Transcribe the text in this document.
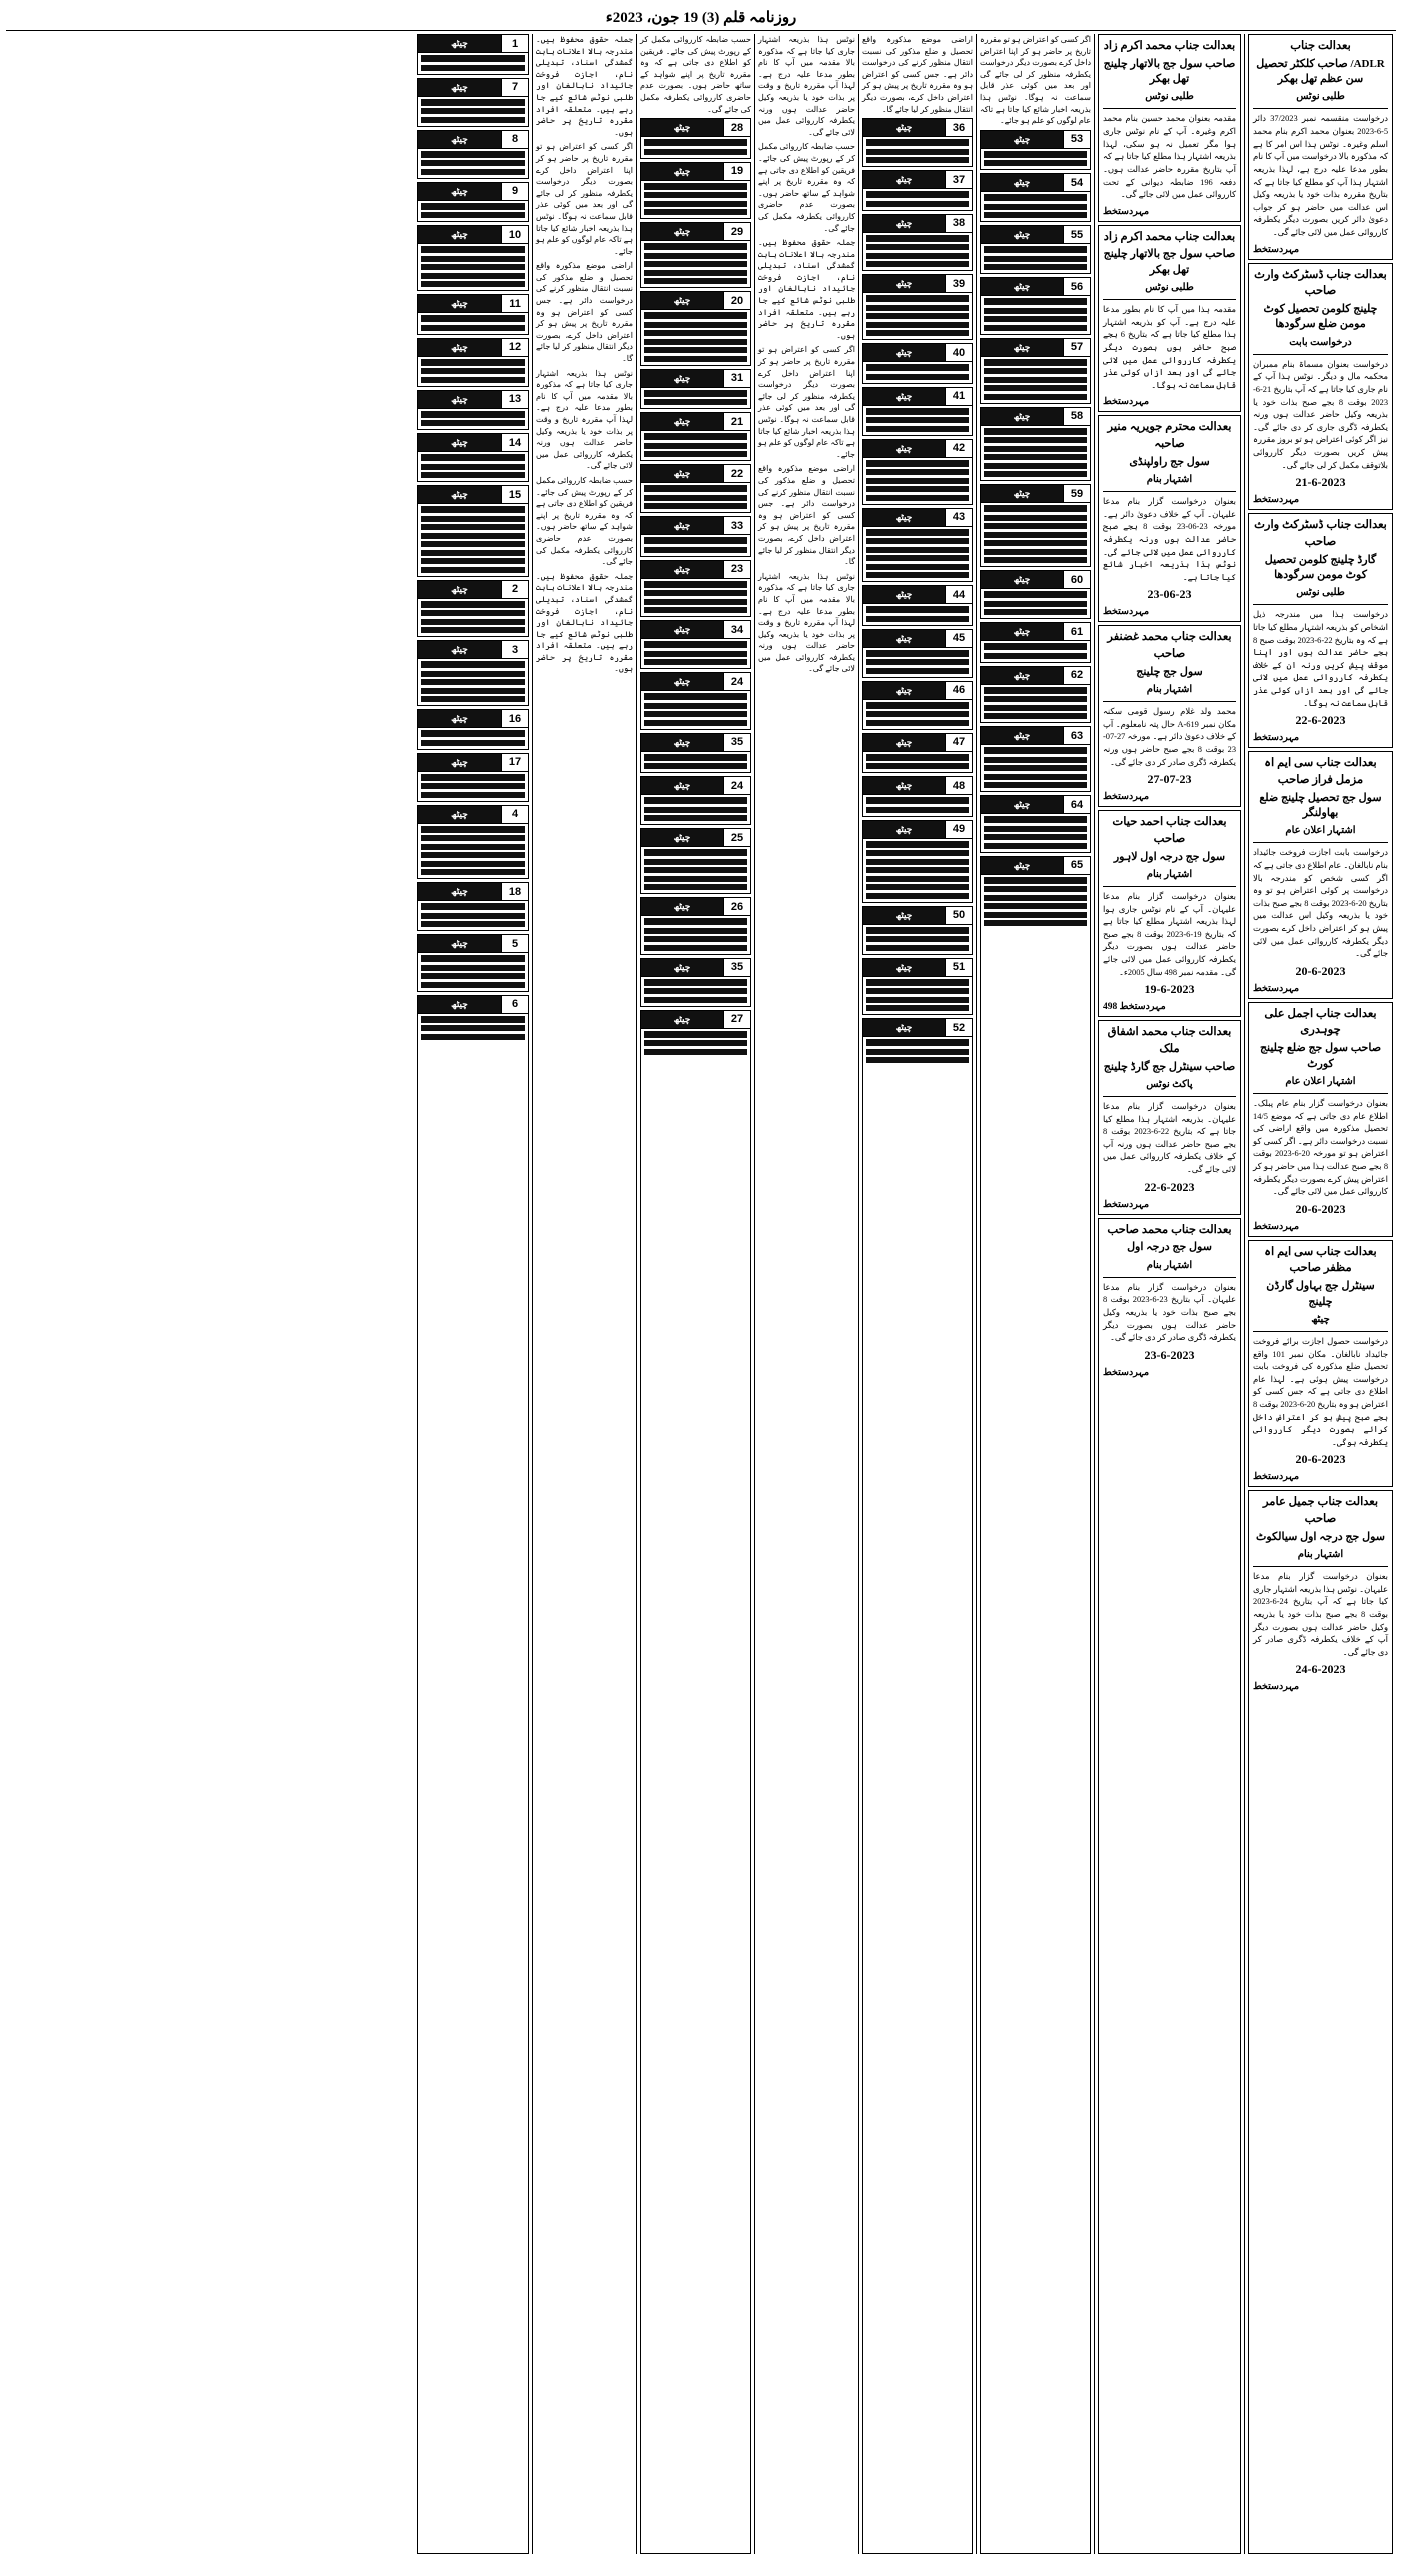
روزنامہ قلم (3) 19 جون، 2023ء
بعدالت جناب
ADLR/ صاحب کلکٹر تحصیل سن عظم تھل بھکر
طلبی نوٹس
درخواست منقسمہ نمبر 37/2023 دائر 5-6-2023 بعنوان محمد اکرم بنام محمد اسلم وغیرہ۔ نوٹس ہذا اس امر کا ہے کہ مذکورہ بالا درخواست میں آپ کا نام بطور مدعا علیہ درج ہے، لہذا بذریعہ اشتہار ہذا آپ کو مطلع کیا جاتا ہے کہ بتاریخ مقررہ بذات خود یا بذریعہ وکیل اس عدالت میں حاضر ہو کر جواب دعویٰ دائر کریں بصورت دیگر یکطرفہ کارروائی عمل میں لائی جائے گی۔
مہردستخط
بعدالت جناب ڈسٹرکٹ وارث صاحب
چلینج کلومن تحصیل کوٹ مومن ضلع سرگودھا
درخواست بابت
درخواست بعنوان مسماۃ بنام ممبران محکمہ مال و دیگر۔ نوٹس ہذا آپ کے نام جاری کیا جاتا ہے کہ آپ بتاریخ 21-6-2023 بوقت 8 بجے صبح بذات خود یا بذریعہ وکیل حاضر عدالت ہوں ورنہ یکطرفہ ڈگری جاری کر دی جائے گی۔ نیز اگر کوئی اعتراض ہو تو بروز مقررہ پیش کریں بصورت دیگر کارروائی بلاتوقف مکمل کر لی جائے گی۔
21-6-2023
مہردستخط
بعدالت جناب ڈسٹرکٹ وارث صاحب
گارڈ چلینج کلومن تحصیل کوٹ مومن سرگودھا
طلبی نوٹس
درخواست ہذا میں مندرجہ ذیل اشخاص کو بذریعہ اشتہار مطلع کیا جاتا ہے کہ وہ بتاریخ 22-6-2023 بوقت صبح 8 بجے حاضر عدالت ہوں اور اپنا موقف پیش کریں ورنہ ان کے خلاف یکطرفہ کارروائی عمل میں لائی جائے گی اور بعد ازاں کوئی عذر قابل سماعت نہ ہوگا۔
22-6-2023
مہردستخط
بعدالت جناب سی ایم اہ مزمل فراز صاحب
سول جج تحصیل چلینج ضلع بھاولنگر
اشتہار اعلان عام
درخواست بابت اجازت فروخت جائیداد بنام نابالغان۔ عام اطلاع دی جاتی ہے کہ اگر کسی شخص کو مندرجہ بالا درخواست پر کوئی اعتراض ہو تو وہ بتاریخ 20-6-2023 بوقت 8 بجے صبح بذات خود یا بذریعہ وکیل اس عدالت میں پیش ہو کر اعتراض داخل کرے بصورت دیگر یکطرفہ کارروائی عمل میں لائی جائے گی۔
20-6-2023
مہردستخط
بعدالت جناب اجمل علی چوہدری
صاحب سول جج ضلع چلینج کورٹ
اشتہار اعلان عام
بعنوان درخواست گزار بنام عام پبلک۔ اطلاع عام دی جاتی ہے کہ موضع 14/5 تحصیل مذکورہ میں واقع اراضی کی نسبت درخواست دائر ہے۔ اگر کسی کو اعتراض ہو تو مورخہ 20-6-2023 بوقت 8 بجے صبح عدالت ہذا میں حاضر ہو کر اعتراض پیش کرے بصورت دیگر یکطرفہ کارروائی عمل میں لائی جائے گی۔
20-6-2023
مہردستخط
بعدالت جناب سی ایم اہ مظفر صاحب
سینٹرل جج بہاول گارڈن چلینج
چیٹھ
درخواست حصول اجازت برائے فروخت جائیداد نابالغان۔ مکان نمبر 101 واقع تحصیل ضلع مذکورہ کی فروخت بابت درخواست پیش ہوئی ہے۔ لہذا عام اطلاع دی جاتی ہے کہ جس کسی کو اعتراض ہو وہ بتاریخ 20-6-2023 بوقت 8 بجے صبح پیش ہو کر اعتراض داخل کرائے بصورت دیگر کارروائی یکطرفہ ہوگی۔
20-6-2023
مہردستخط
بعدالت جناب جمیل عامر صاحب
سول جج درجہ اول سیالکوٹ
اشتہار بنام
بعنوان درخواست گزار بنام مدعا علیہان۔ نوٹس ہذا بذریعہ اشتہار جاری کیا جاتا ہے کہ آپ بتاریخ 24-6-2023 بوقت 8 بجے صبح بذات خود یا بذریعہ وکیل حاضر عدالت ہوں بصورت دیگر آپ کے خلاف یکطرفہ ڈگری صادر کر دی جائے گی۔
24-6-2023
مہردستخط
بعدالت جناب محمد اکرم زاد
صاحب سول جج بالاتھار چلینج تھل بھکر
طلبی نوٹس
مقدمہ بعنوان محمد حسین بنام محمد اکرم وغیرہ۔ آپ کے نام نوٹس جاری ہوا مگر تعمیل نہ ہو سکی، لہذا بذریعہ اشتہار ہذا مطلع کیا جاتا ہے کہ آپ بتاریخ مقررہ حاضر عدالت ہوں۔ دفعہ 196 ضابطہ دیوانی کے تحت کارروائی عمل میں لائی جائے گی۔
مہردستخط
بعدالت جناب محمد اکرم زاد
صاحب سول جج بالاتھار چلینج تھل بھکر
طلبی نوٹس
مقدمہ ہذا میں آپ کا نام بطور مدعا علیہ درج ہے۔ آپ کو بذریعہ اشتہار ہذا مطلع کیا جاتا ہے کہ بتاریخ 6 بجے صبح حاضر ہوں بصورت دیگر یکطرفہ کارروائی عمل میں لائی جائے گی اور بعد ازاں کوئی عذر قابل سماعت نہ ہوگا۔
مہردستخط
بعدالت محترم جویریہ منیر صاحبہ
سول جج راولپنڈی
اشتہار بنام
بعنوان درخواست گزار بنام مدعا علیہان۔ آپ کے خلاف دعویٰ دائر ہے۔ مورخہ 23-06-23 بوقت 8 بجے صبح حاضر عدالت ہوں ورنہ یکطرفہ کارروائی عمل میں لائی جائے گی۔ نوٹس ہذا بذریعہ اخبار شائع کیا جاتا ہے۔
23-06-23
مہردستخط
بعدالت جناب محمد غضنفر صاحب
سول جج چلینج
اشتہار بنام
محمد ولد غلام رسول قومی سکنہ مکان نمبر A-619 حال پتہ نامعلوم۔ آپ کے خلاف دعویٰ دائر ہے۔ مورخہ 27-07-23 بوقت 8 بجے صبح حاضر ہوں ورنہ یکطرفہ ڈگری صادر کر دی جائے گی۔
27-07-23
مہردستخط
بعدالت جناب احمد حیات صاحب
سول جج درجہ اول لاہور
اشتہار بنام
بعنوان درخواست گزار بنام مدعا علیہان۔ آپ کے نام نوٹس جاری ہوا لہذا بذریعہ اشتہار مطلع کیا جاتا ہے کہ بتاریخ 19-6-2023 بوقت 8 بجے صبح حاضر عدالت ہوں بصورت دیگر یکطرفہ کارروائی عمل میں لائی جائے گی۔ مقدمہ نمبر 498 سال 2005ء۔
19-6-2023
مہردستخط 498
بعدالت جناب محمد اشفاق ملک
صاحب سینٹرل جج گارڈ چلینج
پاکٹ نوٹس
بعنوان درخواست گزار بنام مدعا علیہان۔ بذریعہ اشتہار ہذا مطلع کیا جاتا ہے کہ بتاریخ 22-6-2023 بوقت 8 بجے صبح حاضر عدالت ہوں ورنہ آپ کے خلاف یکطرفہ کارروائی عمل میں لائی جائے گی۔
22-6-2023
مہردستخط
بعدالت جناب محمد صاحب
سول جج درجہ اول
اشتہار بنام
بعنوان درخواست گزار بنام مدعا علیہان۔ آپ بتاریخ 23-6-2023 بوقت 8 بجے صبح بذات خود یا بذریعہ وکیل حاضر عدالت ہوں بصورت دیگر یکطرفہ ڈگری صادر کر دی جائے گی۔
23-6-2023
مہردستخط
اگر کسی کو اعتراض ہو تو مقررہ تاریخ پر حاضر ہو کر اپنا اعتراض داخل کرے بصورت دیگر درخواست یکطرفہ منظور کر لی جائے گی اور بعد میں کوئی عذر قابل سماعت نہ ہوگا۔ نوٹس ہذا بذریعہ اخبار شائع کیا جاتا ہے تاکہ عام لوگوں کو علم ہو جائے۔
53
چیٹھ
54
چیٹھ
55
چیٹھ
56
چیٹھ
57
چیٹھ
58
چیٹھ
59
چیٹھ
60
چیٹھ
61
چیٹھ
62
چیٹھ
63
چیٹھ
64
چیٹھ
65
چیٹھ
اراضی موضع مذکورہ واقع تحصیل و ضلع مذکور کی نسبت انتقال منظور کرنے کی درخواست دائر ہے۔ جس کسی کو اعتراض ہو وہ مقررہ تاریخ پر پیش ہو کر اعتراض داخل کرے، بصورت دیگر انتقال منظور کر لیا جائے گا۔
36
چیٹھ
37
چیٹھ
38
چیٹھ
39
چیٹھ
40
چیٹھ
41
چیٹھ
42
چیٹھ
43
چیٹھ
44
چیٹھ
45
چیٹھ
46
چیٹھ
47
چیٹھ
48
چیٹھ
49
چیٹھ
50
چیٹھ
51
چیٹھ
52
چیٹھ
نوٹس ہذا بذریعہ اشتہار جاری کیا جاتا ہے کہ مذکورہ بالا مقدمہ میں آپ کا نام بطور مدعا علیہ درج ہے۔ لہذا آپ مقررہ تاریخ و وقت پر بذات خود یا بذریعہ وکیل حاضر عدالت ہوں ورنہ یکطرفہ کارروائی عمل میں لائی جائے گی۔
حسب ضابطہ کارروائی مکمل کر کے رپورٹ پیش کی جائے۔ فریقین کو اطلاع دی جاتی ہے کہ وہ مقررہ تاریخ پر اپنے شواہد کے ساتھ حاضر ہوں۔ بصورت عدم حاضری کارروائی یکطرفہ مکمل کی جائے گی۔
جملہ حقوق محفوظ ہیں۔ مندرجہ بالا اعلانات بابت گمشدگی اسناد، تبدیلی نام، اجازت فروخت جائیداد نابالغان اور طلبی نوٹس شائع کیے جا رہے ہیں۔ متعلقہ افراد مقررہ تاریخ پر حاضر ہوں۔
اگر کسی کو اعتراض ہو تو مقررہ تاریخ پر حاضر ہو کر اپنا اعتراض داخل کرے بصورت دیگر درخواست یکطرفہ منظور کر لی جائے گی اور بعد میں کوئی عذر قابل سماعت نہ ہوگا۔ نوٹس ہذا بذریعہ اخبار شائع کیا جاتا ہے تاکہ عام لوگوں کو علم ہو جائے۔
اراضی موضع مذکورہ واقع تحصیل و ضلع مذکور کی نسبت انتقال منظور کرنے کی درخواست دائر ہے۔ جس کسی کو اعتراض ہو وہ مقررہ تاریخ پر پیش ہو کر اعتراض داخل کرے، بصورت دیگر انتقال منظور کر لیا جائے گا۔
نوٹس ہذا بذریعہ اشتہار جاری کیا جاتا ہے کہ مذکورہ بالا مقدمہ میں آپ کا نام بطور مدعا علیہ درج ہے۔ لہذا آپ مقررہ تاریخ و وقت پر بذات خود یا بذریعہ وکیل حاضر عدالت ہوں ورنہ یکطرفہ کارروائی عمل میں لائی جائے گی۔
حسب ضابطہ کارروائی مکمل کر کے رپورٹ پیش کی جائے۔ فریقین کو اطلاع دی جاتی ہے کہ وہ مقررہ تاریخ پر اپنے شواہد کے ساتھ حاضر ہوں۔ بصورت عدم حاضری کارروائی یکطرفہ مکمل کی جائے گی۔
28
چیٹھ
19
چیٹھ
29
چیٹھ
20
چیٹھ
31
چیٹھ
21
چیٹھ
22
چیٹھ
33
چیٹھ
23
چیٹھ
34
چیٹھ
24
چیٹھ
35
چیٹھ
24
چیٹھ
25
چیٹھ
26
چیٹھ
35
چیٹھ
27
چیٹھ
جملہ حقوق محفوظ ہیں۔ مندرجہ بالا اعلانات بابت گمشدگی اسناد، تبدیلی نام، اجازت فروخت جائیداد نابالغان اور طلبی نوٹس شائع کیے جا رہے ہیں۔ متعلقہ افراد مقررہ تاریخ پر حاضر ہوں۔
اگر کسی کو اعتراض ہو تو مقررہ تاریخ پر حاضر ہو کر اپنا اعتراض داخل کرے بصورت دیگر درخواست یکطرفہ منظور کر لی جائے گی اور بعد میں کوئی عذر قابل سماعت نہ ہوگا۔ نوٹس ہذا بذریعہ اخبار شائع کیا جاتا ہے تاکہ عام لوگوں کو علم ہو جائے۔
اراضی موضع مذکورہ واقع تحصیل و ضلع مذکور کی نسبت انتقال منظور کرنے کی درخواست دائر ہے۔ جس کسی کو اعتراض ہو وہ مقررہ تاریخ پر پیش ہو کر اعتراض داخل کرے، بصورت دیگر انتقال منظور کر لیا جائے گا۔
نوٹس ہذا بذریعہ اشتہار جاری کیا جاتا ہے کہ مذکورہ بالا مقدمہ میں آپ کا نام بطور مدعا علیہ درج ہے۔ لہذا آپ مقررہ تاریخ و وقت پر بذات خود یا بذریعہ وکیل حاضر عدالت ہوں ورنہ یکطرفہ کارروائی عمل میں لائی جائے گی۔
حسب ضابطہ کارروائی مکمل کر کے رپورٹ پیش کی جائے۔ فریقین کو اطلاع دی جاتی ہے کہ وہ مقررہ تاریخ پر اپنے شواہد کے ساتھ حاضر ہوں۔ بصورت عدم حاضری کارروائی یکطرفہ مکمل کی جائے گی۔
جملہ حقوق محفوظ ہیں۔ مندرجہ بالا اعلانات بابت گمشدگی اسناد، تبدیلی نام، اجازت فروخت جائیداد نابالغان اور طلبی نوٹس شائع کیے جا رہے ہیں۔ متعلقہ افراد مقررہ تاریخ پر حاضر ہوں۔
1
چیٹھ
7
چیٹھ
8
چیٹھ
9
چیٹھ
10
چیٹھ
11
چیٹھ
12
چیٹھ
13
چیٹھ
14
چیٹھ
15
چیٹھ
2
چیٹھ
3
چیٹھ
16
چیٹھ
17
چیٹھ
4
چیٹھ
18
چیٹھ
5
چیٹھ
6
چیٹھ
